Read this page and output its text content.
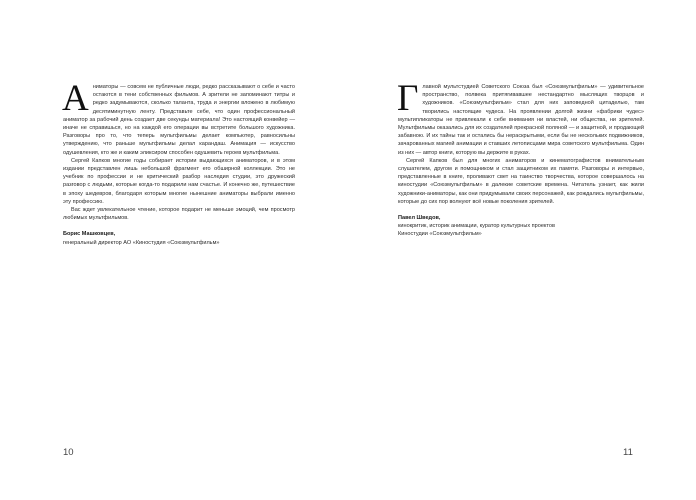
Аниматоры — совсем не публичные люди, редко рассказывают о себе и часто остаются в тени собственных фильмов. А зрители не запоминают титры и редко задумываются, сколько таланта, труда и энергии вложено в любимую десятиминутную ленту. Представьте себе, что один профессиональный аниматор за рабочий день создает две секунды материала! Это настоящий конвейер — иначе не справишься, но на каждой его операции вы встретите большого художника. Разговоры про то, что теперь мультфильмы делает компьютер, равносильны утверждению, что раньше мультфильмы делал карандаш. Анимация — искусство одушевления, кто же и каким эликсиром способен одушевить героев мультфильма.

Сергей Капков многие годы собирает истории выдающихся аниматоров, и в этом издании представлен лишь небольшой фрагмент его обширной коллекции. Это не учебник по профессии и не критический разбор наследия студии, это дружеский разговор с людьми, которые когда-то подарили нам счастье. И конечно же, путешествие в эпоху шедевров, благодаря которым многие нынешние аниматоры выбрали именно эту профессию.

Вас ждет увлекательное чтение, которое подарит не меньше эмоций, чем просмотр любимых мультфильмов.

Борис Машковцев,
генеральный директор АО «Киностудия «Союзмультфильм»
10

Главной мультстудией Советского Союза был «Союзмультфильм» — удивительное пространство, полвека притягивавшее нестандартно мыслящих творцов и художников. «Союзмультфильм» стал для них заповедной цитаделью, там творились настоящие чудеса. На проявлении долгой жизни «фабрики чудес» мультипликаторы не привлекали к себе внимания ни властей, ни общества, ни зрителей. Мультфильмы оказались для их создателей прекрасной поляной — и защитной, и продающей забавною. И их тайны так и остались бы нераскрытыми, если бы не нескольких подвижников, зачарованных магией анимации и ставших летописцами мира советского мультфильма. Один из них — автор книги, которую вы держите в руках.

Сергей Капков был для многих аниматоров и кинематографистов внимательным слушателем, другом и помощником и стал защитником их памяти. Разговоры и интервью, представленные в книге, проливают свет на таинство творчества, которое совершалось на киностудии «Союзмультфильм» в далекие советские времена. Читатель узнает, как жили художники-аниматоры, как они придумывали своих персонажей, как рождались мультфильмы, которые до сих пор волнуют всё новые поколения зрителей.

Павел Шведов,
кинокритик, историк анимации, куратор культурных проектов
Киностудии «Союзмультфильм»
11
